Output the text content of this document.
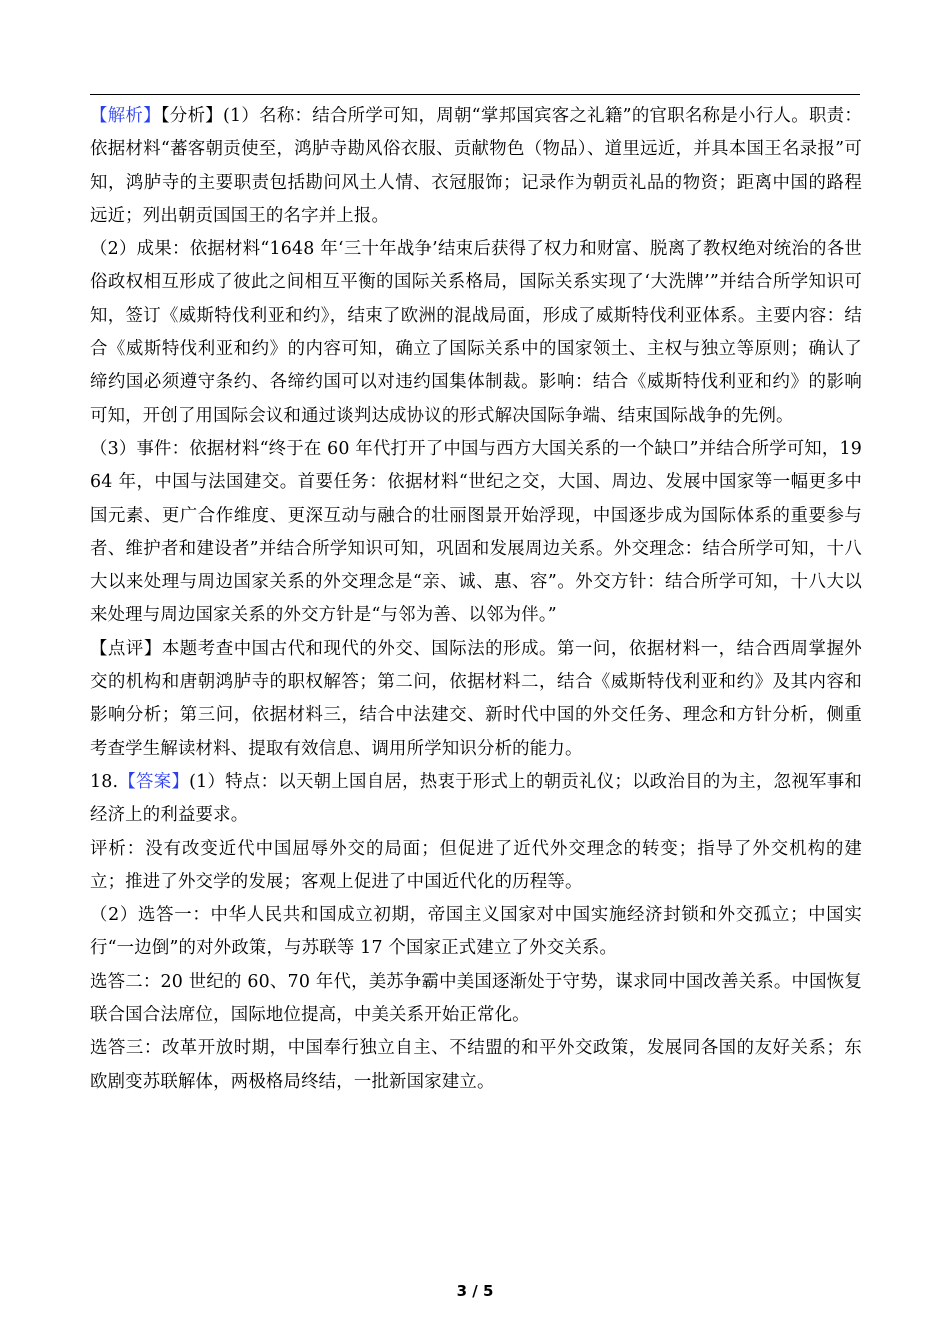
【解析】【分析】(1）名称：结合所学可知，周朝“掌邦国宾客之礼籍”的官职名称是小行人。职责：依据材料“蕃客朝贡使至，鸿胪寺勘风俗衣服、贡献物色（物品）、道里远近，并具本国王名录报”可知，鸿胪寺的主要职责包括勘问风土人情、衣冠服饰；记录作为朝贡礼品的物资；距离中国的路程远近；列出朝贡国国王的名字并上报。

（2）成果：依据材料“1648 年‘三十年战争’结束后获得了权力和财富、脱离了教权绝对统治的各世俗政权相互形成了彼此之间相互平衡的国际关系格局，国际关系实现了‘大洗牌’”并结合所学知识可知，签订《威斯特伐利亚和约》，结束了欧洲的混战局面，形成了威斯特伐利亚体系。主要内容：结合《威斯特伐利亚和约》的内容可知，确立了国际关系中的国家领土、主权与独立等原则；确认了缔约国必须遵守条约、各缔约国可以对违约国集体制裁。影响：结合《威斯特伐利亚和约》的影响可知，开创了用国际会议和通过谈判达成协议的形式解决国际争端、结束国际战争的先例。

（3）事件：依据材料“终于在 60 年代打开了中国与西方大国关系的一个缺口”并结合所学可知，1964 年，中国与法国建交。首要任务：依据材料“世纪之交，大国、周边、发展中国家等一幅更多中国元素、更广合作维度、更深互动与融合的壮丽图景开始浮现，中国逐步成为国际体系的重要参与者、维护者和建设者”并结合所学知识可知，巩固和发展周边关系。外交理念：结合所学可知，十八大以来处理与周边国家关系的外交理念是“亲、诚、惠、容”。外交方针：结合所学可知，十八大以来处理与周边国家关系的外交方针是“与邻为善、以邻为伴。”

【点评】本题考查中国古代和现代的外交、国际法的形成。第一问，依据材料一，结合西周掌握外交的机构和唐朝鸿胪寺的职权解答；第二问，依据材料二，结合《威斯特伐利亚和约》及其内容和影响分析；第三问，依据材料三，结合中法建交、新时代中国的外交任务、理念和方针分析，侧重考查学生解读材料、提取有效信息、调用所学知识分析的能力。

18.【答案】(1）特点：以天朝上国自居，热衷于形式上的朝贡礼仪；以政治目的为主，忽视军事和经济上的利益要求。

评析：没有改变近代中国屈辱外交的局面；但促进了近代外交理念的转变；指导了外交机构的建立；推进了外交学的发展；客观上促进了中国近代化的历程等。

（2）选答一：中华人民共和国成立初期，帝国主义国家对中国实施经济封锁和外交孤立；中国实行“一边倒”的对外政策，与苏联等 17 个国家正式建立了外交关系。

选答二：20 世纪的 60、70 年代，美苏争霸中美国逐渐处于守势，谋求同中国改善关系。中国恢复联合国合法席位，国际地位提高，中美关系开始正常化。

选答三：改革开放时期，中国奉行独立自主、不结盟的和平外交政策，发展同各国的友好关系；东欧剧变苏联解体，两极格局终结，一批新国家建立。

3 / 5
